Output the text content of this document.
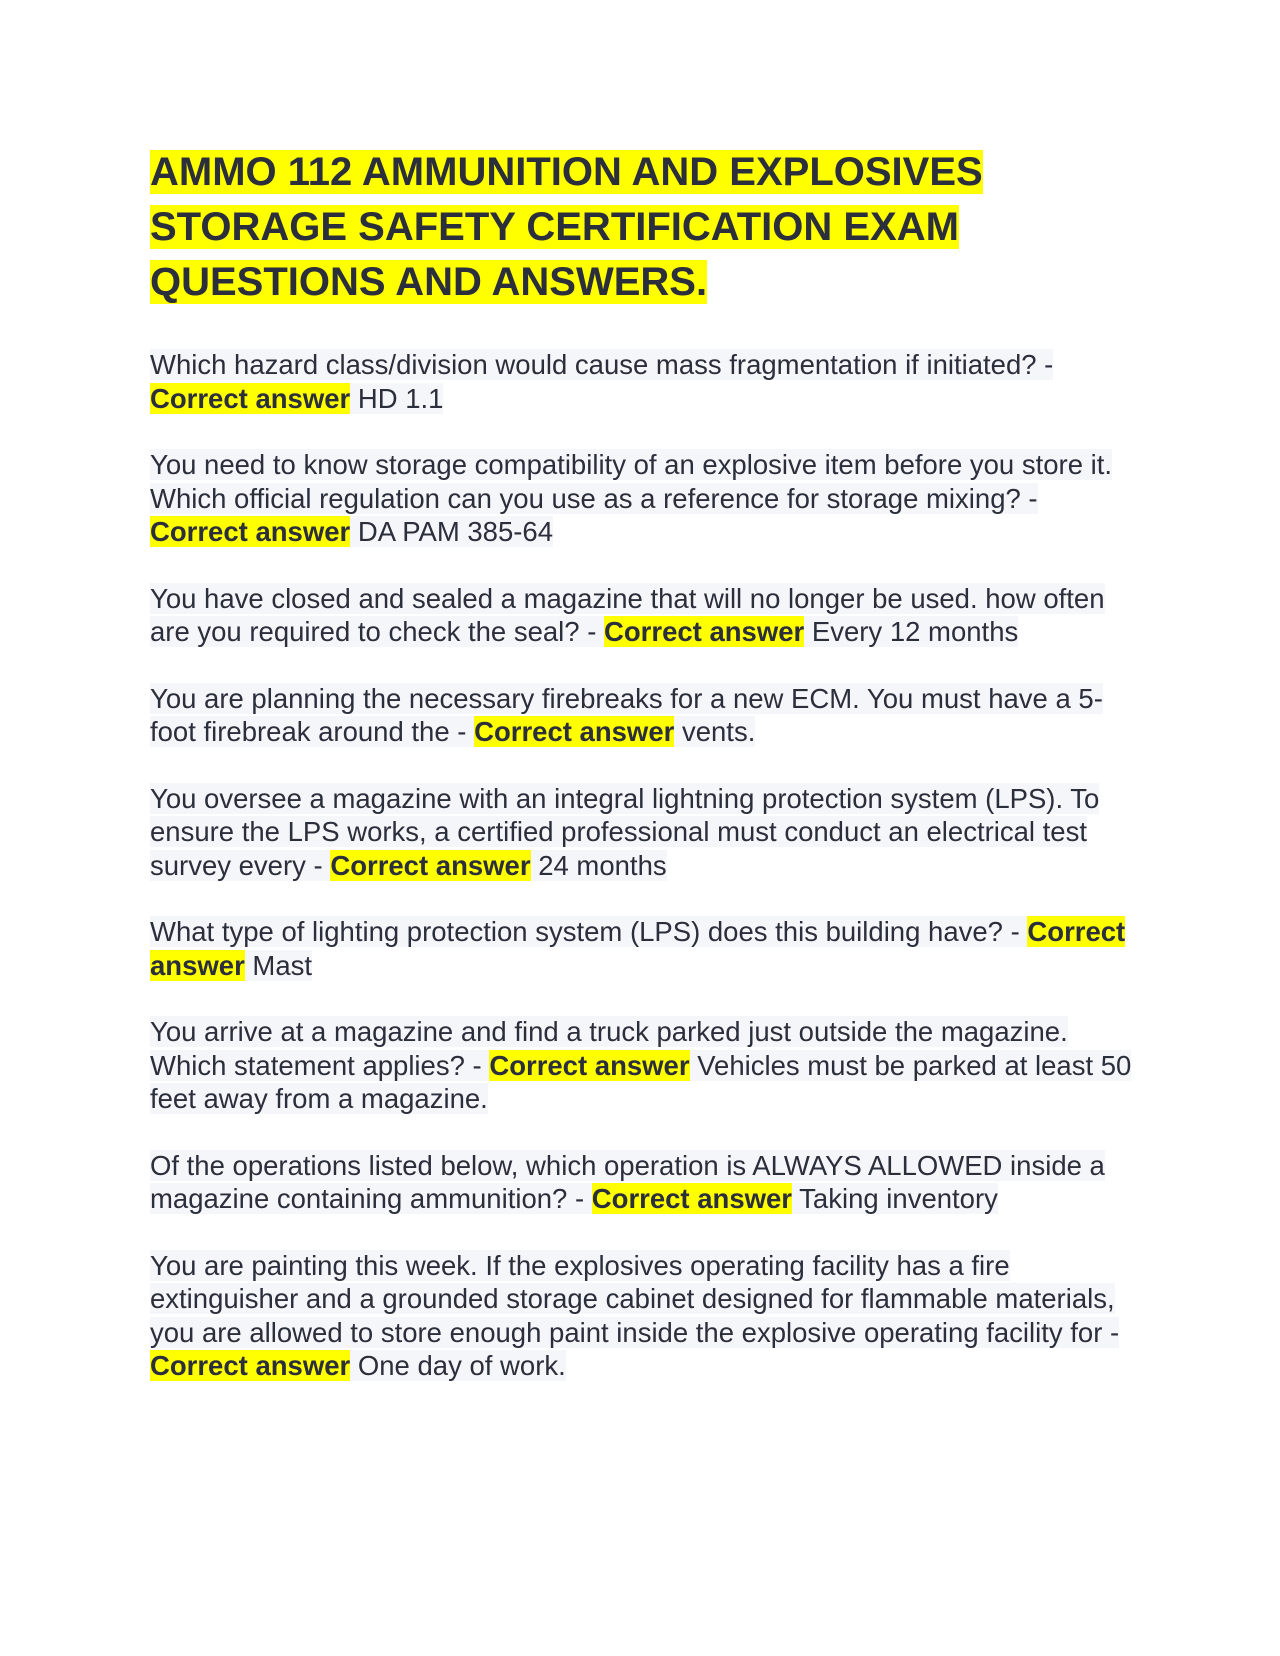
AMMO 112 AMMUNITION AND EXPLOSIVES STORAGE SAFETY CERTIFICATION EXAM QUESTIONS AND ANSWERS.

Which hazard class/division would cause mass fragmentation if initiated? - Correct answer HD 1.1

You need to know storage compatibility of an explosive item before you store it. Which official regulation can you use as a reference for storage mixing? - Correct answer DA PAM 385-64

You have closed and sealed a magazine that will no longer be used. how often are you required to check the seal? - Correct answer Every 12 months

You are planning the necessary firebreaks for a new ECM. You must have a 5-foot firebreak around the - Correct answer vents.

You oversee a magazine with an integral lightning protection system (LPS). To ensure the LPS works, a certified professional must conduct an electrical test survey every - Correct answer 24 months

What type of lighting protection system (LPS) does this building have? - Correct answer Mast

You arrive at a magazine and find a truck parked just outside the magazine. Which statement applies? - Correct answer Vehicles must be parked at least 50 feet away from a magazine.

Of the operations listed below, which operation is ALWAYS ALLOWED inside a magazine containing ammunition? - Correct answer Taking inventory

You are painting this week. If the explosives operating facility has a fire extinguisher and a grounded storage cabinet designed for flammable materials, you are allowed to store enough paint inside the explosive operating facility for - Correct answer One day of work.
